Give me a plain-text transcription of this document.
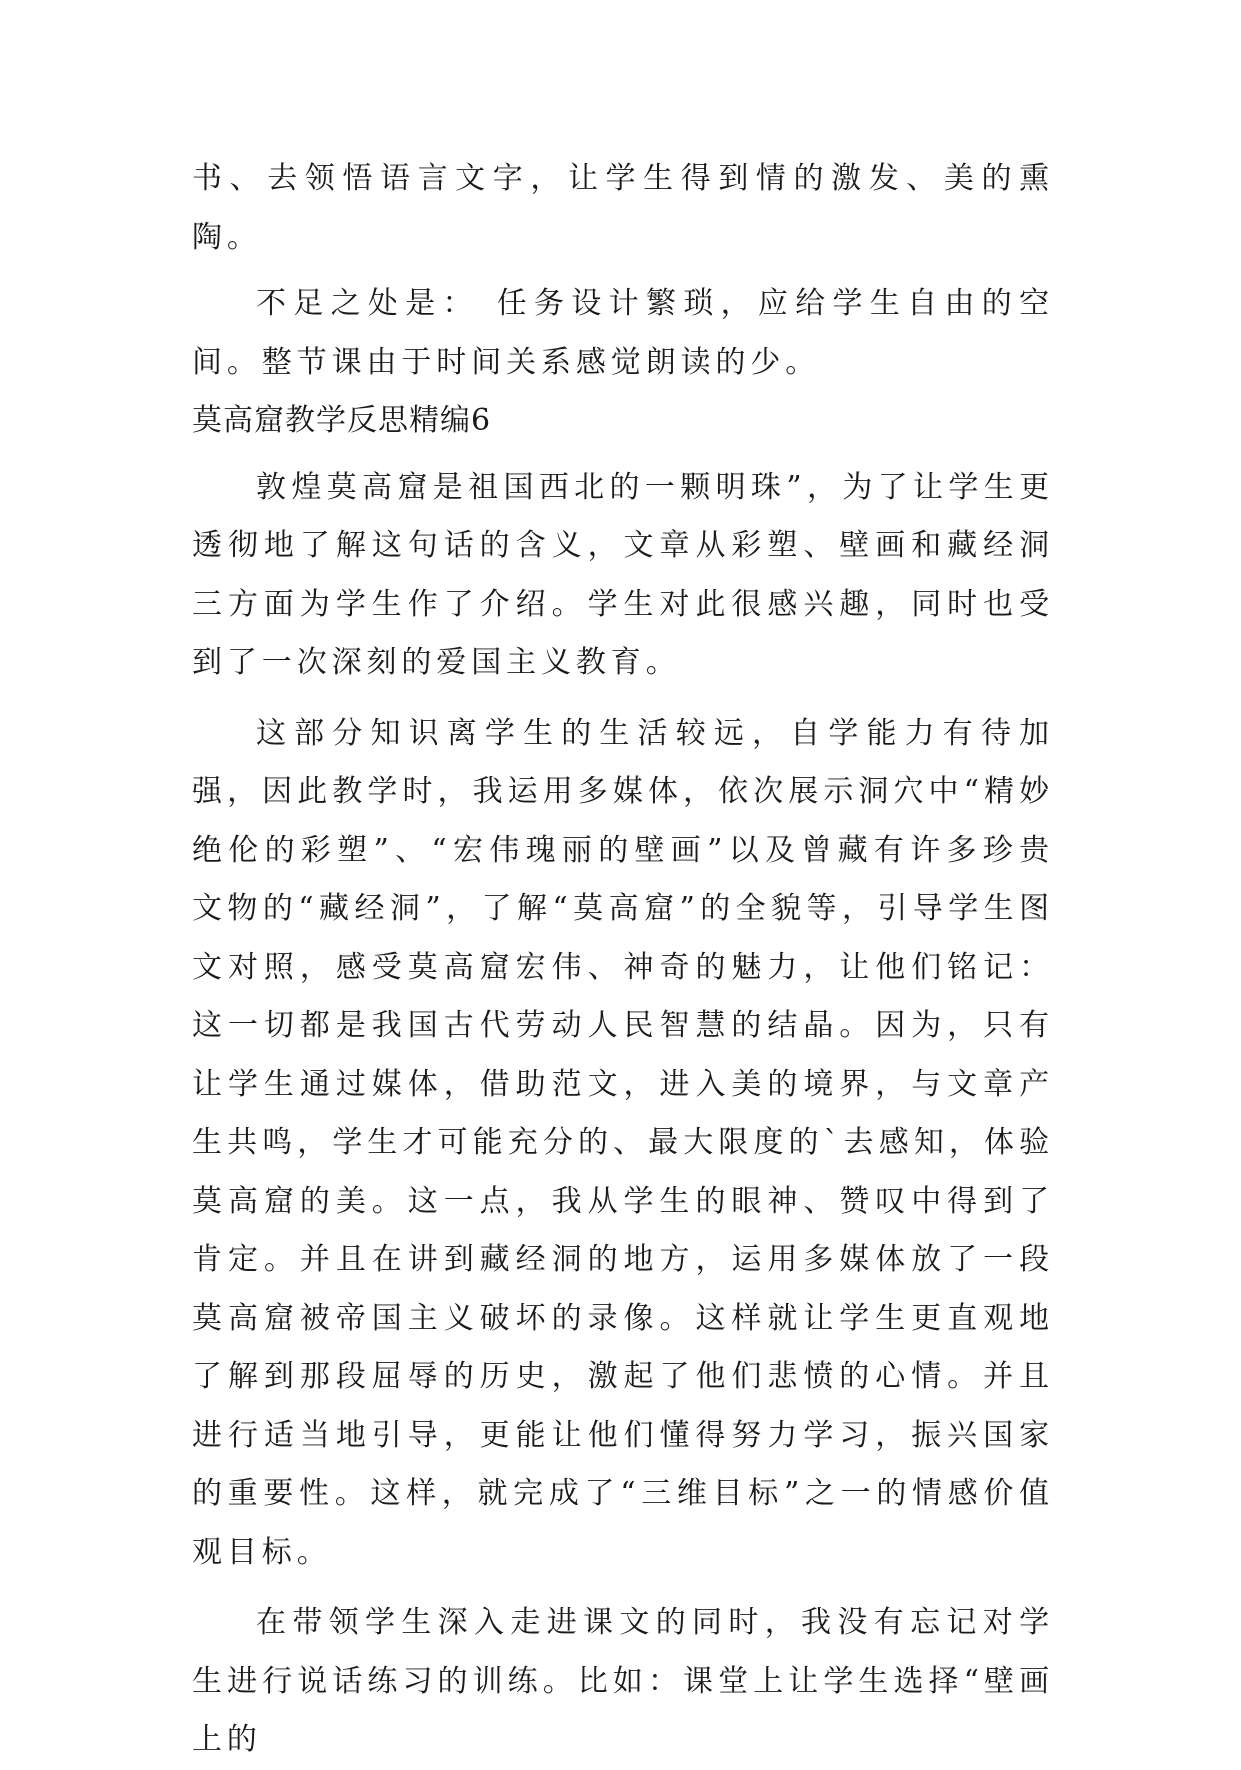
书、去领悟语言文字，让学生得到情的激发、美的熏陶。

不足之处是： 任务设计繁琐，应给学生自由的空间。整节课由于时间关系感觉朗读的少。

莫高窟教学反思精编6

敦煌莫高窟是祖国西北的一颗明珠”，为了让学生更透彻地了解这句话的含义，文章从彩塑、壁画和藏经洞三方面为学生作了介绍。学生对此很感兴趣，同时也受到了一次深刻的爱国主义教育。

这部分知识离学生的生活较远，自学能力有待加强，因此教学时，我运用多媒体，依次展示洞穴中“精妙绝伦的彩塑”、“宏伟瑰丽的壁画”以及曾藏有许多珍贵文物的“藏经洞”，了解“莫高窟”的全貌等，引导学生图文对照，感受莫高窟宏伟、神奇的魅力，让他们铭记：这一切都是我国古代劳动人民智慧的结晶。因为，只有让学生通过媒体，借助范文，进入美的境界，与文章产生共鸣，学生才可能充分的、最大限度的`去感知，体验莫高窟的美。这一点，我从学生的眼神、赞叹中得到了肯定。并且在讲到藏经洞的地方，运用多媒体放了一段莫高窟被帝国主义破坏的录像。这样就让学生更直观地了解到那段屈辱的历史，激起了他们悲愤的心情。并且进行适当地引导，更能让他们懂得努力学习，振兴国家的重要性。这样，就完成了“三维目标”之一的情感价值观目标。

在带领学生深入走进课文的同时，我没有忘记对学生进行说话练习的训练。比如：课堂上让学生选择“壁画上的
